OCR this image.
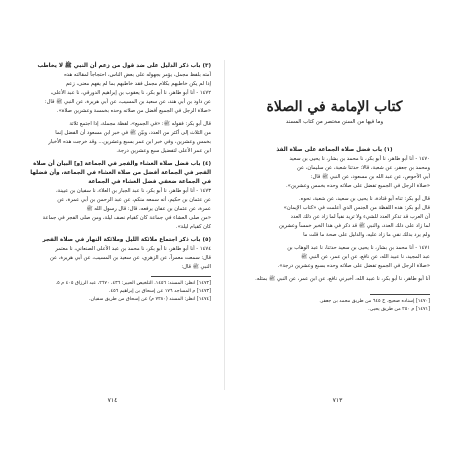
(٣) باب ذكر الدليل على ضد قول من زعم أن النبي ﷺ لا يخاطب
أمته بلفظ مجمل، يؤمر بجهوله على بعض الناس، احتجاجاً لمقالته هذه
إذا لم يكن خاطبهم بكلام مجمل فقد خاطبهم بما لم يفهم معنى، زعم
١٤٧٢ - أنا أبو طاهر، نا أبو بكر، نا يعقوب بن إبراهيم الدورقي، نا عبد الأعلى،
عن داود بن أبي هند، عن سعيد بن المسيب، عن أبي هريرة، عن النبي ﷺ قال:
«صلاة الرجل في الجميع أفضل من صلاته وحده بخمسة وعشرين صلاة».
قال أبو بكر: فقوله ﷺ: «في الجميع»، لفظة مجملة، إذا اجتمع ثلاثة
من الثلاث إلى أكثر من العدد، وبيّن ﷺ في خبر ابن مسعود أن الفضل إنما
بخمس وعشرين، وفي خبر ابن عمر بسبع وعشرين... وقد خرجت هذه الأخبار
ابن عمر الأعلى لتفضيل سبع وعشرين درجة.
(٤) باب فضل صلاة العشاء والفجر في الجماعة [و] البيان أن صلاة
الفجر في الجماعة أفضل من صلاة العشاء في الجماعة، وأن فضلها
في الجماعة ضعفي فضل العشاء في الجماعة
١٤٧٣ - أنا أبو طاهر، نا أبو بكر، نا عبد الجبار بن العلاء، نا سفيان بن عيينة،
عن عثمان بن حكيم، أنه سمعه منكم، عن عبد الرحمن بن أبي عمرة، عن
عمرة، عن عثمان بن عفان يرفعه، قال: قال رسول الله ﷺ
«من صلى العشاء في جماعة كان كقيام نصف ليلة، ومن صلى الفجر في جماعة
كان كقيام ليلة».
(٥) باب ذكر اجتماع ملائكة الليل وملائكة النهار في صلاة الفجر
١٤٧٤ - أنا أبو طاهر، نا أبو بكر، نا محمد بن عبد الأعلى الصنعاني، نا معتمر
قال: سمعت معمراً، عن الزهري، عن سعيد بن المسيب، عن أبي هريرة، عن
النبي ﷺ قال:
[١٤٧٢] انظر: المسند: ١٤٥٦. التلخيص الحبير: ٤٣٦، ٢٦٧٠، عبد الرزاق ٤٠٥ م ٥.
[١٤٧٣] م المساجد ١٧٦ عن إسحاق بن إبراهيم ٤٥٦.
[١٤٧٤] انظر: المسند (٧٢٨٠ م) عن إسحاق من طريق سفيان.
٧١٤
كتاب الإمامة في الصلاة
وما فيها من السنن مختصر من كتاب المسند
(١) باب فضل صلاة الجماعة على صلاة الفذ
١٤٧٠ - أنا أبو طاهر، نا أبو بكر، نا محمد بن بشار، نا يحيى بن سعيد
ومحمد بن جعفر، عن شعبة، قالا: حدثنا شعبة، عن سليمان، عن
أبي الأحوص، عن عبد الله بن مسعود، عن النبي ﷺ قال:
«صلاة الرجل في الجميع تفضل على صلاته وحده بخمس وعشرين».
قال أبو بكر: ثناه أبو قتادة، نا يحيى بن سعيد، عن شعبة، نحوه.
قال أبو بكر: هذه اللفظة من الجنس الذي أعلمت في «كتاب الإيمان»
أن العرب قد تذكر العدد للشيء ولا تريد نفياً لما زاد عن ذلك العدد
لما زاد على ذلك العدد، والنبي ﷺ قد ذكر في هذا الخبر خمساً وعشرين
ولم يرد بذلك نفي ما زاد عليه، والدليل على صحة ما قلت ما
١٤٧١ - أنا محمد بن بشار، نا يحيى بن سعيد حدثنا، نا عبد الوهاب بن
عبد المجيد، نا عبيد الله، عن نافع، عن ابن عمر، عن النبي ﷺ
«صلاة الرجل في الجميع تفضل على صلاته وحده بسبع وعشرين درجة».
أنا أبو طاهر، نا أبو بكر، نا عبيد الله، أخبرني نافع، عن ابن عمر، عن النبي ﷺ بمثله.
[١٤٧٠] إسناده صحيح. خ ٦٤٥ من طريق محمد بن جعفر.
[١٤٧١] م ٢٥٠ من طريق يحيى.
٧١٣
